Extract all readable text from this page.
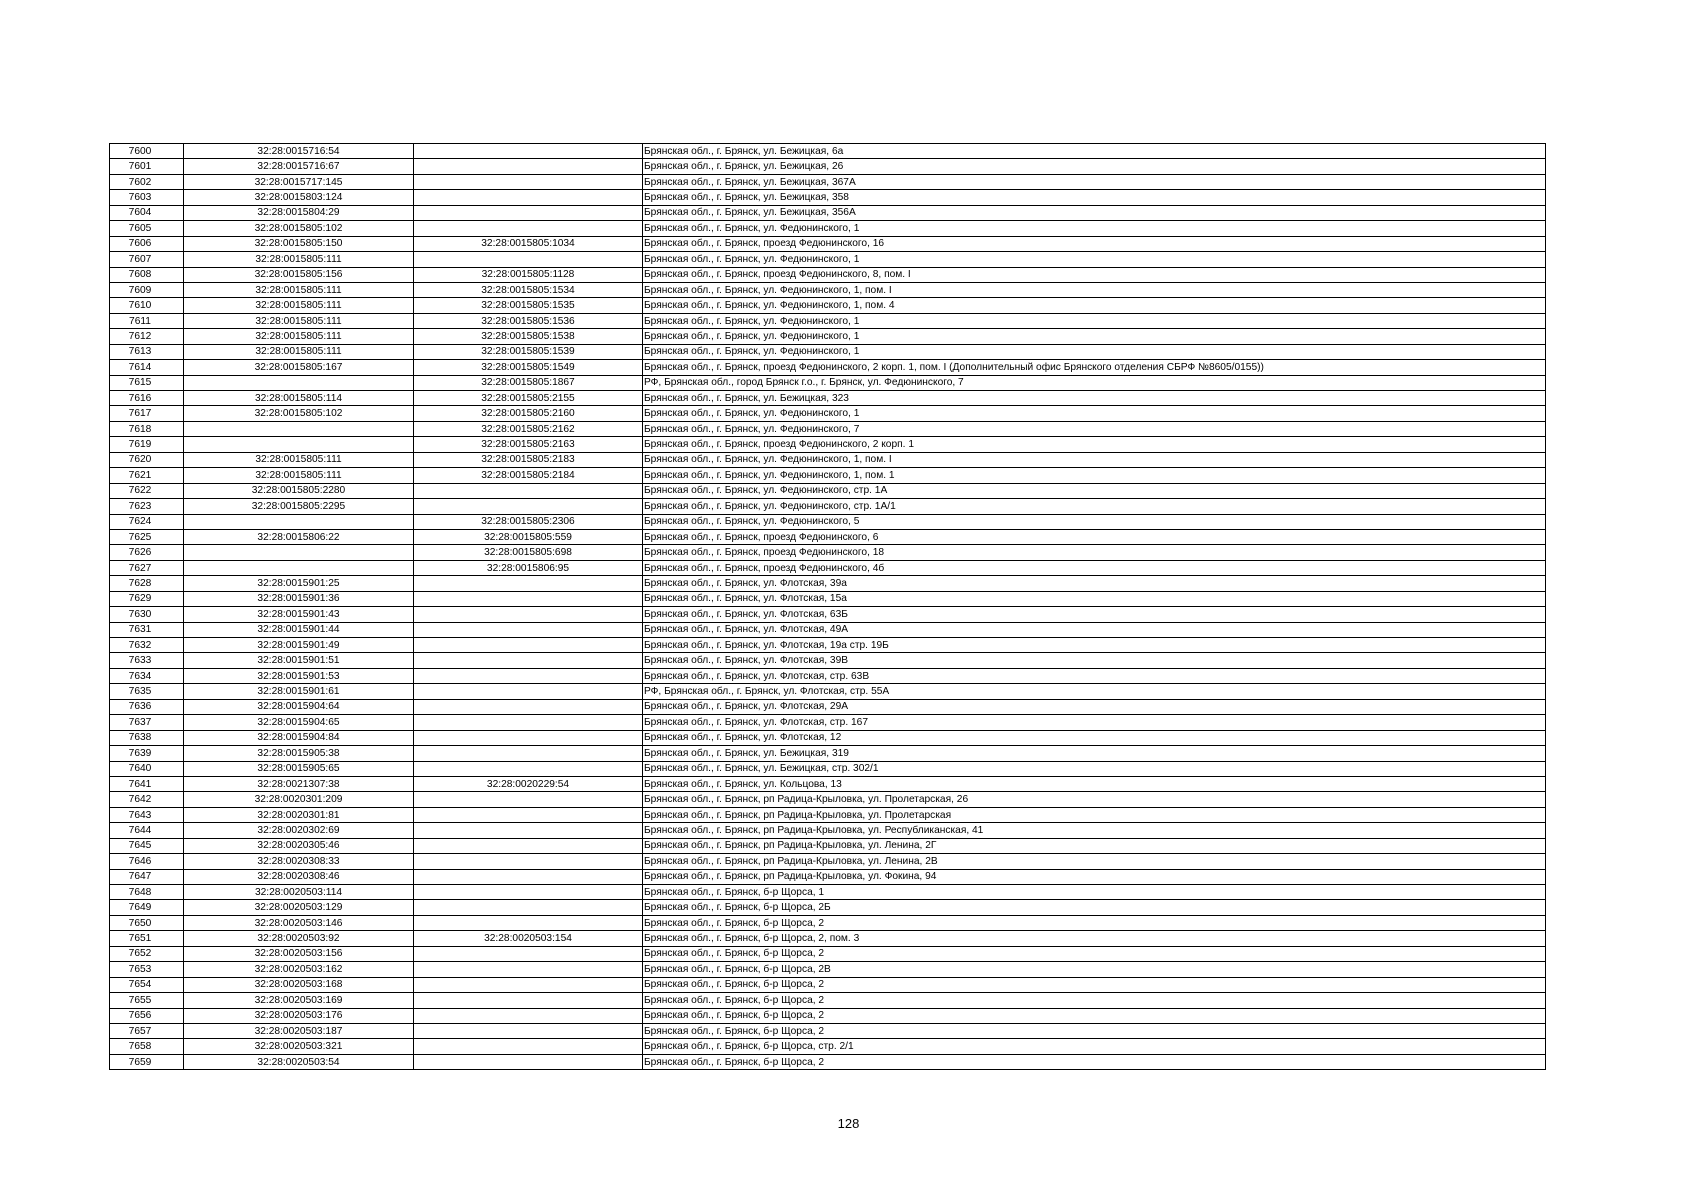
7600	32:28:0015716:54		Брянская обл., г. Брянск, ул. Бежицкая, 6а
7601	32:28:0015716:67		Брянская обл., г. Брянск, ул. Бежицкая, 26
7602	32:28:0015717:145		Брянская обл., г. Брянск, ул. Бежицкая, 367А
7603	32:28:0015803:124		Брянская обл., г. Брянск, ул. Бежицкая, 358
7604	32:28:0015804:29		Брянская обл., г. Брянск, ул. Бежицкая, 356А
7605	32:28:0015805:102		Брянская обл., г. Брянск, ул. Федюнинского, 1
7606	32:28:0015805:150	32:28:0015805:1034	Брянская обл., г. Брянск, проезд Федюнинского, 16
7607	32:28:0015805:111		Брянская обл., г. Брянск, ул. Федюнинского, 1
7608	32:28:0015805:156	32:28:0015805:1128	Брянская обл., г. Брянск, проезд Федюнинского, 8, пом. I
7609	32:28:0015805:111	32:28:0015805:1534	Брянская обл., г. Брянск, ул. Федюнинского, 1, пом. I
7610	32:28:0015805:111	32:28:0015805:1535	Брянская обл., г. Брянск, ул. Федюнинского, 1, пом. 4
7611	32:28:0015805:111	32:28:0015805:1536	Брянская обл., г. Брянск, ул. Федюнинского, 1
7612	32:28:0015805:111	32:28:0015805:1538	Брянская обл., г. Брянск, ул. Федюнинского, 1
7613	32:28:0015805:111	32:28:0015805:1539	Брянская обл., г. Брянск, ул. Федюнинского, 1
7614	32:28:0015805:167	32:28:0015805:1549	Брянская обл., г. Брянск, проезд Федюнинского, 2 корп. 1, пом. I (Дополнительный офис Брянского отделения СБРФ №8605/0155))
7615		32:28:0015805:1867	РФ, Брянская обл., город Брянск г.о., г. Брянск, ул. Федюнинского, 7
7616	32:28:0015805:114	32:28:0015805:2155	Брянская обл., г. Брянск, ул. Бежицкая, 323
7617	32:28:0015805:102	32:28:0015805:2160	Брянская обл., г. Брянск, ул. Федюнинского, 1
7618		32:28:0015805:2162	Брянская обл., г. Брянск, ул. Федюнинского, 7
7619		32:28:0015805:2163	Брянская обл., г. Брянск, проезд Федюнинского, 2 корп. 1
7620	32:28:0015805:111	32:28:0015805:2183	Брянская обл., г. Брянск, ул. Федюнинского, 1, пом. I
7621	32:28:0015805:111	32:28:0015805:2184	Брянская обл., г. Брянск, ул. Федюнинского, 1, пом. 1
7622	32:28:0015805:2280		Брянская обл., г. Брянск, ул. Федюнинского, стр. 1А
7623	32:28:0015805:2295		Брянская обл., г. Брянск, ул. Федюнинского, стр. 1А/1
7624		32:28:0015805:2306	Брянская обл., г. Брянск, ул. Федюнинского, 5
7625	32:28:0015806:22	32:28:0015805:559	Брянская обл., г. Брянск, проезд Федюнинского, 6
7626		32:28:0015805:698	Брянская обл., г. Брянск, проезд Федюнинского, 18
7627		32:28:0015806:95	Брянская обл., г. Брянск, проезд Федюнинского, 4б
7628	32:28:0015901:25		Брянская обл., г. Брянск, ул. Флотская, 39а
7629	32:28:0015901:36		Брянская обл., г. Брянск, ул. Флотская, 15а
7630	32:28:0015901:43		Брянская обл., г. Брянск, ул. Флотская, 63Б
7631	32:28:0015901:44		Брянская обл., г. Брянск, ул. Флотская, 49А
7632	32:28:0015901:49		Брянская обл., г. Брянск, ул. Флотская, 19а стр. 19Б
7633	32:28:0015901:51		Брянская обл., г. Брянск, ул. Флотская, 39В
7634	32:28:0015901:53		Брянская обл., г. Брянск, ул. Флотская, стр. 63В
7635	32:28:0015901:61		РФ, Брянская обл., г. Брянск, ул. Флотская, стр. 55А
7636	32:28:0015904:64		Брянская обл., г. Брянск, ул. Флотская, 29А
7637	32:28:0015904:65		Брянская обл., г. Брянск, ул. Флотская, стр. 167
7638	32:28:0015904:84		Брянская обл., г. Брянск, ул. Флотская, 12
7639	32:28:0015905:38		Брянская обл., г. Брянск, ул. Бежицкая, 319
7640	32:28:0015905:65		Брянская обл., г. Брянск, ул. Бежицкая, стр. 302/1
7641	32:28:0021307:38	32:28:0020229:54	Брянская обл., г. Брянск, ул. Кольцова, 13
7642	32:28:0020301:209		Брянская обл., г. Брянск, рп Радица-Крыловка, ул. Пролетарская, 26
7643	32:28:0020301:81		Брянская обл., г. Брянск, рп Радица-Крыловка, ул. Пролетарская
7644	32:28:0020302:69		Брянская обл., г. Брянск, рп Радица-Крыловка, ул. Республиканская, 41
7645	32:28:0020305:46		Брянская обл., г. Брянск, рп Радица-Крыловка, ул. Ленина, 2Г
7646	32:28:0020308:33		Брянская обл., г. Брянск, рп Радица-Крыловка, ул. Ленина, 2В
7647	32:28:0020308:46		Брянская обл., г. Брянск, рп Радица-Крыловка, ул. Фокина, 94
7648	32:28:0020503:114		Брянская обл., г. Брянск, б-р Щорса, 1
7649	32:28:0020503:129		Брянская обл., г. Брянск, б-р Щорса, 2Б
7650	32:28:0020503:146		Брянская обл., г. Брянск, б-р Щорса, 2
7651	32:28:0020503:92	32:28:0020503:154	Брянская обл., г. Брянск, б-р Щорса, 2, пом. 3
7652	32:28:0020503:156		Брянская обл., г. Брянск, б-р Щорса, 2
7653	32:28:0020503:162		Брянская обл., г. Брянск, б-р Щорса, 2В
7654	32:28:0020503:168		Брянская обл., г. Брянск, б-р Щорса, 2
7655	32:28:0020503:169		Брянская обл., г. Брянск, б-р Щорса, 2
7656	32:28:0020503:176		Брянская обл., г. Брянск, б-р Щорса, 2
7657	32:28:0020503:187		Брянская обл., г. Брянск, б-р Щорса, 2
7658	32:28:0020503:321		Брянская обл., г. Брянск, б-р Щорса, стр. 2/1
7659	32:28:0020503:54		Брянская обл., г. Брянск, б-р Щорса, 2
128
